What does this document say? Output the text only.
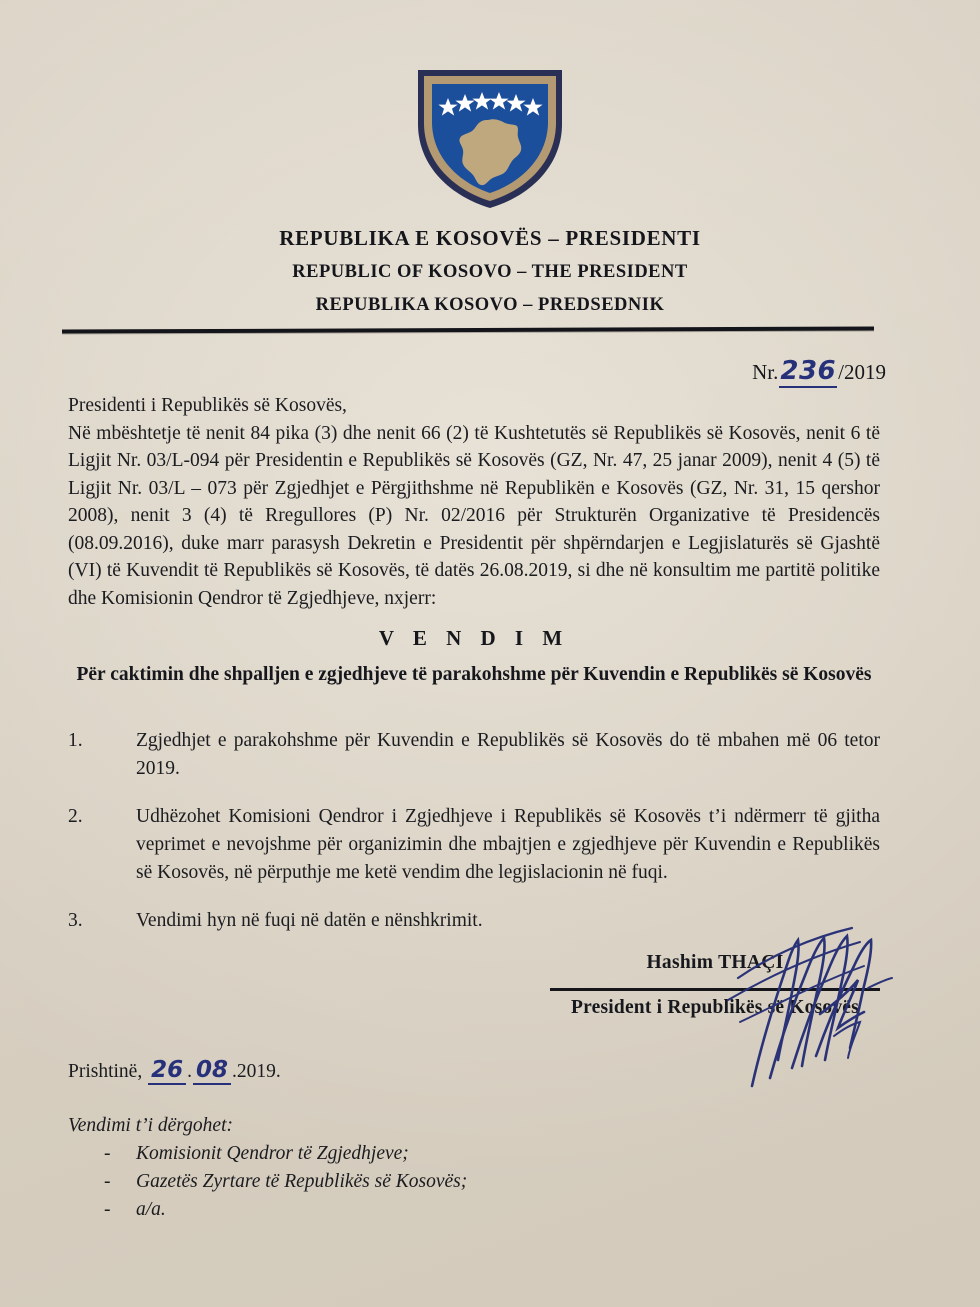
REPUBLIKA E KOSOVËS – PRESIDENTI
REPUBLIC OF KOSOVO – THE PRESIDENT
REPUBLIKA KOSOVO – PREDSEDNIK
Nr.236/2019
Presidenti i Republikës së Kosovës,
Në mbështetje të nenit 84 pika (3) dhe nenit 66 (2) të Kushtetutës së Republikës së Kosovës, nenit 6 të Ligjit Nr. 03/L-094 për Presidentin e Republikës së Kosovës (GZ, Nr. 47, 25 janar 2009), nenit 4 (5) të Ligjit Nr. 03/L – 073 për Zgjedhjet e Përgjithshme në Republikën e Kosovës (GZ, Nr. 31, 15 qershor 2008), nenit 3 (4) të Rregullores (P) Nr. 02/2016 për Strukturën Organizative të Presidencës (08.09.2016), duke marr parasysh Dekretin e Presidentit për shpërndarjen e Legjislaturës së Gjashtë (VI) të Kuvendit të Republikës së Kosovës, të datës 26.08.2019, si dhe në konsultim me partitë politike dhe Komisionin Qendror të Zgjedhjeve, nxjerr:
V E N D I M
Për caktimin dhe shpalljen e zgjedhjeve të parakohshme për Kuvendin e Republikës së Kosovës
1.	Zgjedhjet e parakohshme për Kuvendin e Republikës së Kosovës do të mbahen më 06 tetor 2019.
2.	Udhëzohet Komisioni Qendror i Zgjedhjeve i Republikës së Kosovës t’i ndërmerr të gjitha veprimet e nevojshme për organizimin dhe mbajtjen e zgjedhjeve për Kuvendin e Republikës së Kosovës, në përputhje me ketë vendim dhe legjislacionin në fuqi.
3.	Vendimi hyn në fuqi në datën e nënshkrimit.
Hashim THAÇI
President i Republikës së Kosovës
Prishtinë, 26 . 08 .2019.
Vendimi t’i dërgohet:
-	Komisionit Qendror të Zgjedhjeve;
-	Gazetës Zyrtare të Republikës së Kosovës;
-	a/a.
